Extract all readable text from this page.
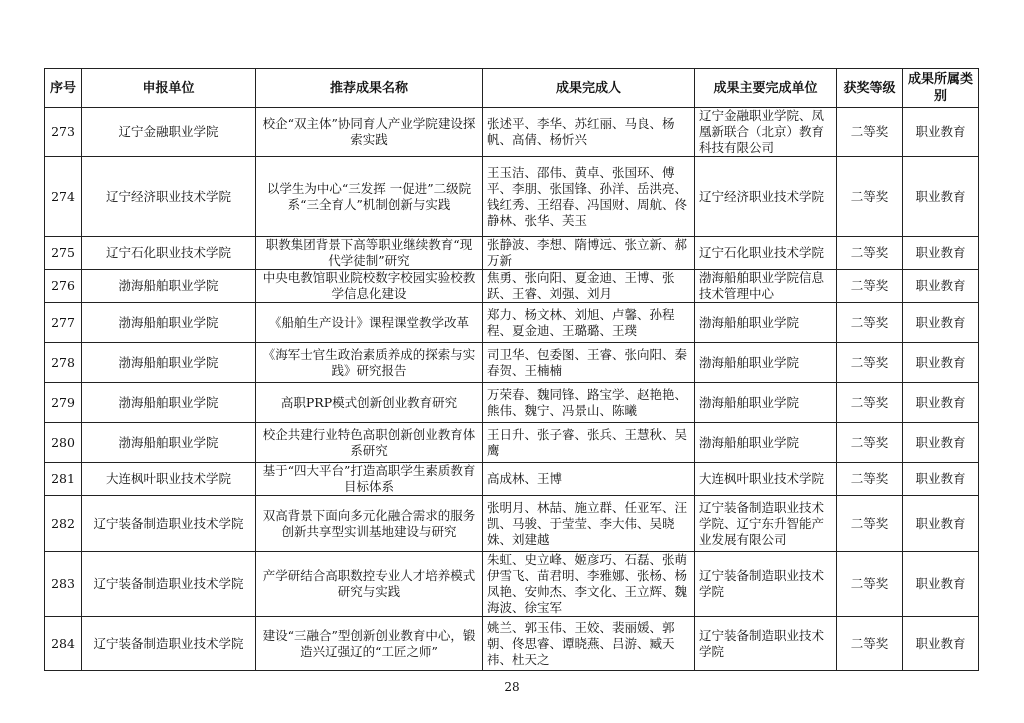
序号	申报单位	推荐成果名称	成果完成人	成果主要完成单位	获奖等级	成果所属类别
273	辽宁金融职业学院	校企“双主体”协同育人产业学院建设探索实践	张述平、李华、苏红丽、马良、杨帆、高倩、杨忻兴	辽宁金融职业学院、凤凰新联合（北京）教育科技有限公司	二等奖	职业教育
274	辽宁经济职业技术学院	以学生为中心“三发挥 一促进”二级院系“三全育人”机制创新与实践	王玉洁、邵伟、黄卓、张国环、傅平、李朋、张国锋、孙洋、岳洪亮、钱红秀、王绍春、冯国财、周航、佟静林、张华、芙玉	辽宁经济职业技术学院	二等奖	职业教育
275	辽宁石化职业技术学院	职教集团背景下高等职业继续教育“现代学徒制”研究	张静波、李想、隋博远、张立新、郝万新	辽宁石化职业技术学院	二等奖	职业教育
276	渤海船舶职业学院	中央电教馆职业院校数字校园实验校教学信息化建设	焦勇、张向阳、夏金迪、王博、张跃、王睿、刘强、刘月	渤海船舶职业学院信息技术管理中心	二等奖	职业教育
277	渤海船舶职业学院	《船舶生产设计》课程课堂教学改革	郑力、杨文林、刘旭、卢馨、孙程程、夏金迪、王璐璐、王璞	渤海船舶职业学院	二等奖	职业教育
278	渤海船舶职业学院	《海军士官生政治素质养成的探索与实践》研究报告	司卫华、包委图、王睿、张向阳、秦春贺、王楠楠	渤海船舶职业学院	二等奖	职业教育
279	渤海船舶职业学院	高职PRP模式创新创业教育研究	万荣春、魏同锋、路宝学、赵艳艳、熊伟、魏宁、冯景山、陈曦	渤海船舶职业学院	二等奖	职业教育
280	渤海船舶职业学院	校企共建行业特色高职创新创业教育体系研究	王日升、张子睿、张兵、王慧秋、吴鹰	渤海船舶职业学院	二等奖	职业教育
281	大连枫叶职业技术学院	基于“四大平台”打造高职学生素质教育目标体系	高成林、王博	大连枫叶职业技术学院	二等奖	职业教育
282	辽宁装备制造职业技术学院	双高背景下面向多元化融合需求的服务创新共享型实训基地建设与研究	张明月、林喆、施立群、任亚军、汪凯、马骏、于莹莹、李大伟、吴晓姝、刘建越	辽宁装备制造职业技术学院、辽宁东升智能产业发展有限公司	二等奖	职业教育
283	辽宁装备制造职业技术学院	产学研结合高职数控专业人才培养模式研究与实践	朱虹、史立峰、姬彦巧、石磊、张萌伊雪飞、苗君明、李雅娜、张杨、杨凤艳、安帅杰、李文化、王立辉、魏海波、徐宝军	辽宁装备制造职业技术学院	二等奖	职业教育
284	辽宁装备制造职业技术学院	建设“三融合”型创新创业教育中心，锻造兴辽强辽的“工匠之师”	姚兰、郭玉伟、王姣、裴丽媛、郭朝、佟思睿、谭晓燕、吕游、臧天祎、杜天之	辽宁装备制造职业技术学院	二等奖	职业教育
28
